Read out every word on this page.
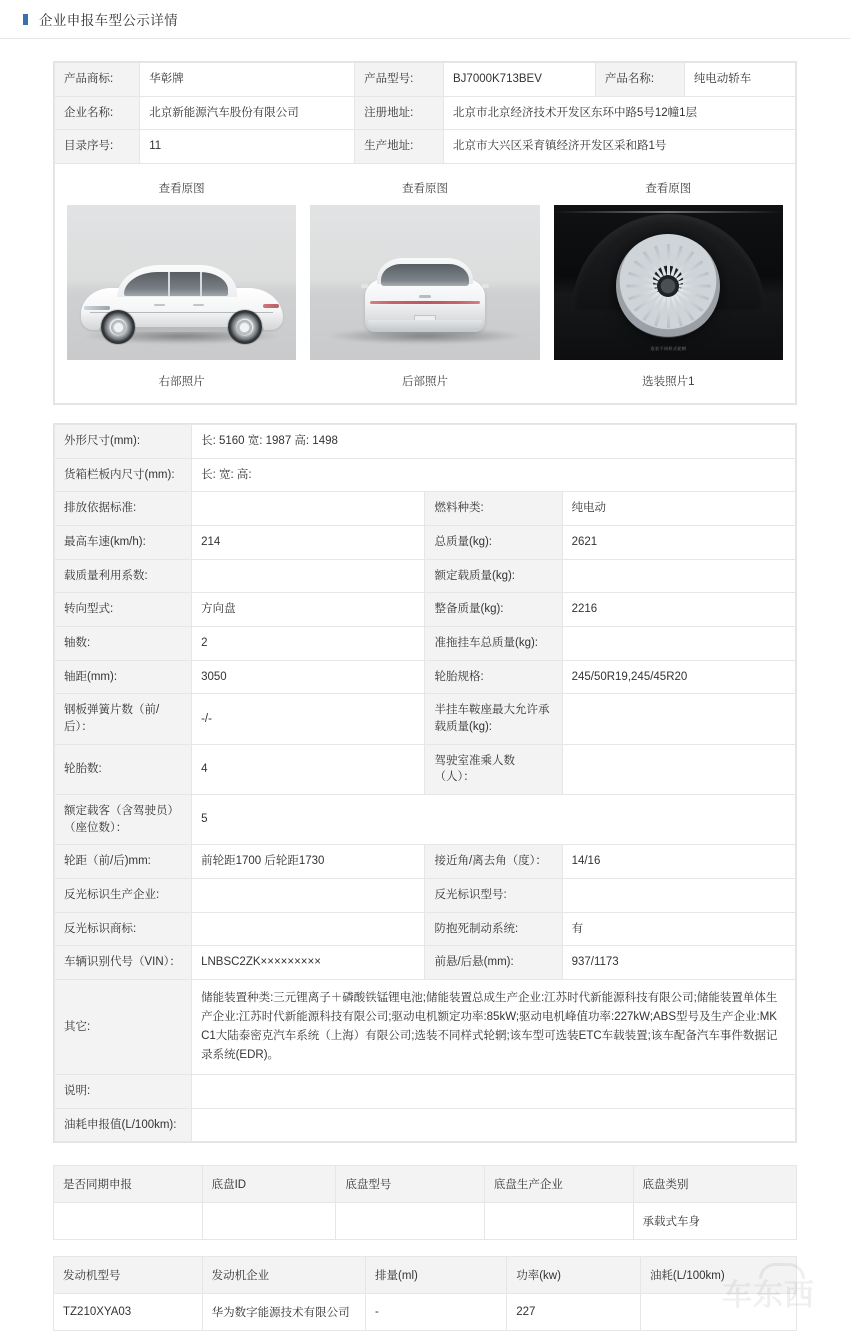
企业申报车型公示详情
产品商标:	华彰牌	产品型号:	BJ7000K713BEV	产品名称:	纯电动轿车
企业名称:	北京新能源汽车股份有限公司	注册地址:	北京市北京经济技术开发区东环中路5号12幢1层		
目录序号:	11	生产地址:	北京市大兴区采育镇经济开发区采和路1号		
查看原图
右部照片
查看原图
后部照片
查看原图
选装不同样式轮辋
选装照片1
外形尺寸(mm):	长: 5160 宽: 1987 高: 1498		
货箱栏板内尺寸(mm):	长: 宽: 高:		
排放依据标准:		燃料种类:	纯电动
最高车速(km/h):	214	总质量(kg):	2621
载质量利用系数:		额定载质量(kg):	
转向型式:	方向盘	整备质量(kg):	2216
轴数:	2	准拖挂车总质量(kg):	
轴距(mm):	3050	轮胎规格:	245/50R19,245/45R20
钢板弹簧片数（前/后）：	-/-	半挂车鞍座最大允许承载质量(kg):	
轮胎数:	4	驾驶室准乘人数（人）：	
额定载客（含驾驶员）（座位数）：	5		
轮距（前/后)mm:	前轮距1700 后轮距1730	接近角/离去角（度）：	14/16
反光标识生产企业:		反光标识型号:	
反光标识商标:		防抱死制动系统:	有
车辆识别代号（VIN）：	LNBSC2ZK×××××××××	前悬/后悬(mm):	937/1173
其它:	储能装置种类:三元锂离子＋磷酸铁锰锂电池;储能装置总成生产企业:江苏时代新能源科技有限公司;储能装置单体生产企业:江苏时代新能源科技有限公司;驱动电机额定功率:85kW;驱动电机峰值功率:227kW;ABS型号及生产企业:MK C1大陆泰密克汽车系统（上海）有限公司;选装不同样式轮辋;该车型可选装ETC车载装置;该车配备汽车事件数据记录系统(EDR)。		
说明:			
油耗申报值(L/100km):			
是否同期申报	底盘ID	底盘型号	底盘生产企业	底盘类别
				承载式车身
发动机型号	发动机企业	排量(ml)	功率(kw)	油耗(L/100km)
TZ210XYA03	华为数字能源技术有限公司	-	227	
